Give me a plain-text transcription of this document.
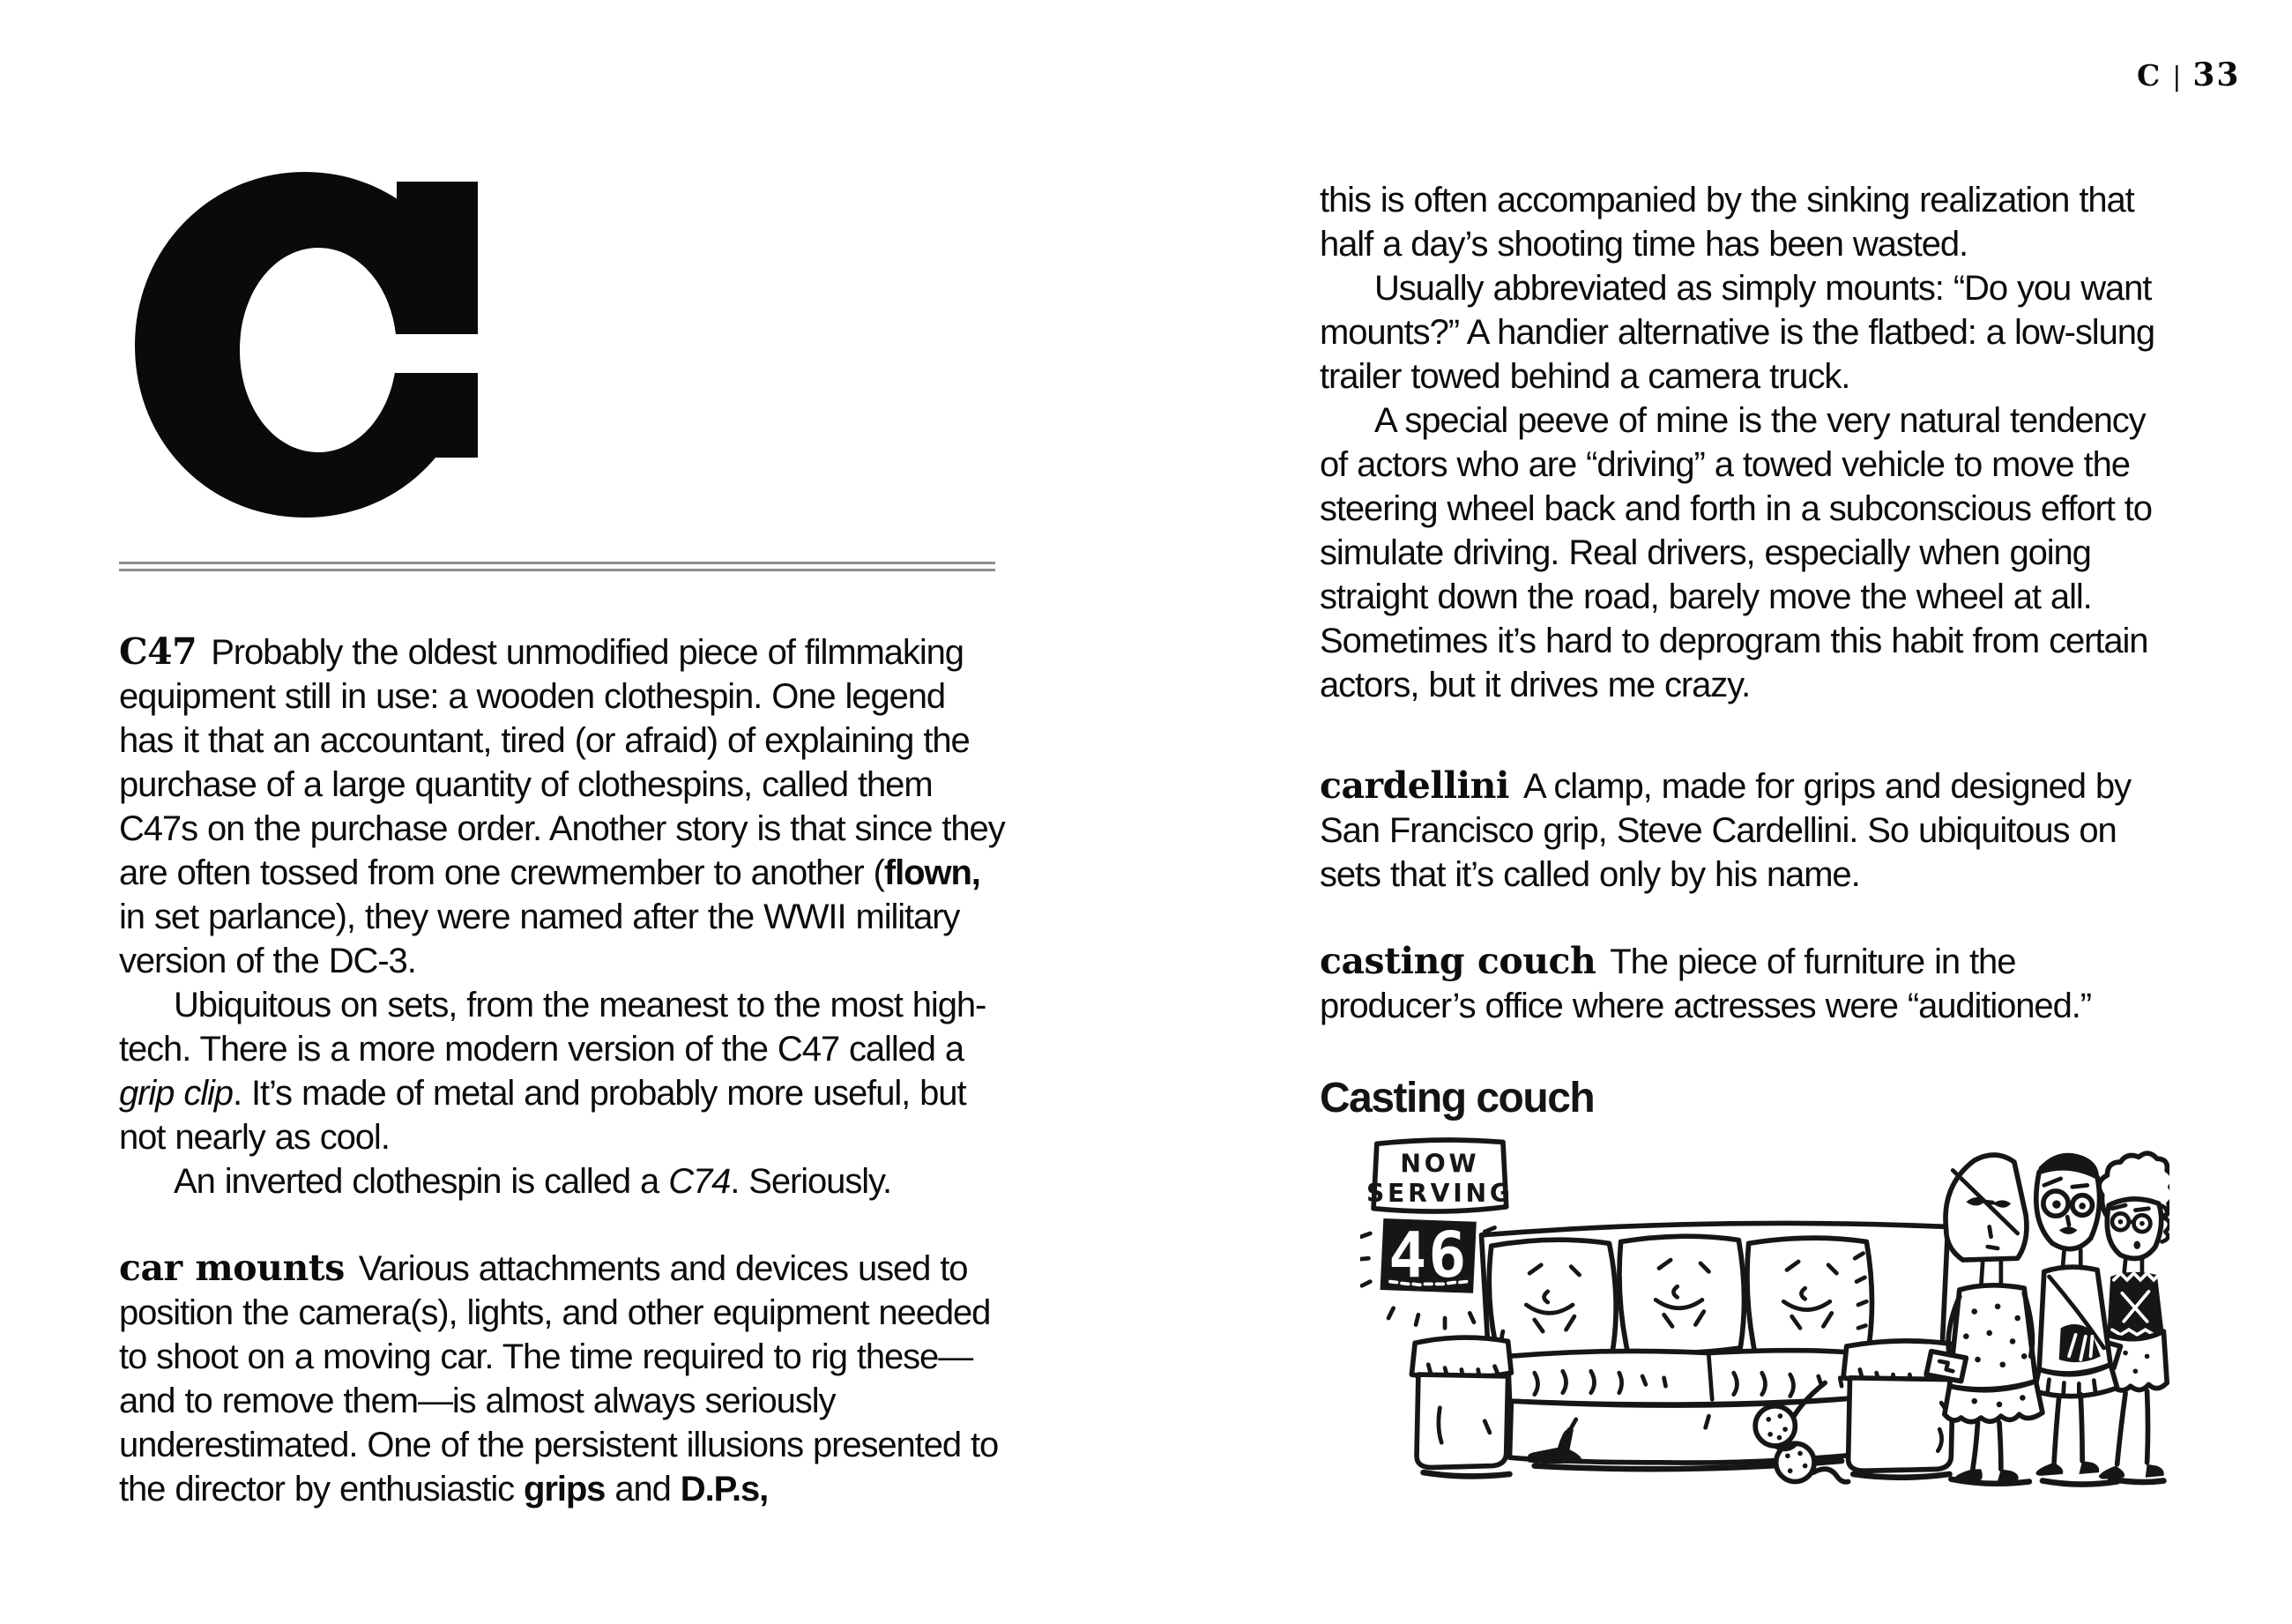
C | 33

C47 Probably the oldest unmodified piece of filmmaking equipment still in use: a wooden clothespin. One legend has it that an accountant, tired (or afraid) of explaining the purchase of a large quantity of clothespins, called them C47s on the purchase order. Another story is that since they are often tossed from one crewmember to another (flown, in set parlance), they were named after the WWII military version of the DC-3.

Ubiquitous on sets, from the meanest to the most high-tech. There is a more modern version of the C47 called a grip clip. It’s made of metal and probably more useful, but not nearly as cool.

An inverted clothespin is called a C74. Seriously.

car mounts Various attachments and devices used to position the camera(s), lights, and other equipment needed to shoot on a moving car. The time required to rig these—and to remove them—is almost always seriously underestimated. One of the persistent illusions presented to the director by enthusiastic grips and D.P.s,

this is often accompanied by the sinking realization that half a day’s shooting time has been wasted.

Usually abbreviated as simply mounts: “Do you want mounts?” A handier alternative is the flatbed: a low-slung trailer towed behind a camera truck.

A special peeve of mine is the very natural tendency of actors who are “driving” a towed vehicle to move the steering wheel back and forth in a subconscious effort to simulate driving. Real drivers, especially when going straight down the road, barely move the wheel at all. Sometimes it’s hard to deprogram this habit from certain actors, but it drives me crazy.

cardellini A clamp, made for grips and designed by San Francisco grip, Steve Cardellini. So ubiquitous on sets that it’s called only by his name.

casting couch The piece of furniture in the producer’s office where actresses were “auditioned.”

Casting couch
NOW
SERVING
46
